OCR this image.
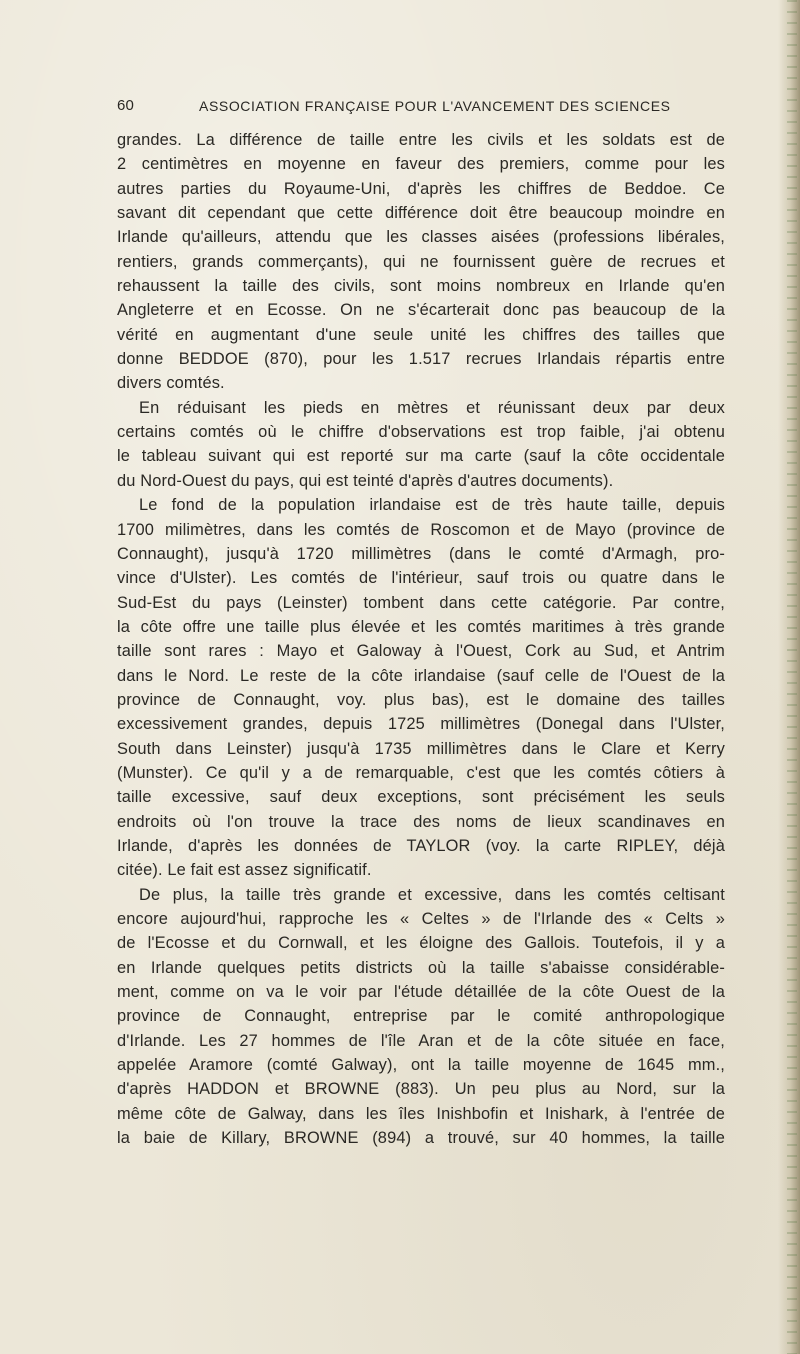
60	ASSOCIATION FRANÇAISE POUR L'AVANCEMENT DES SCIENCES
grandes. La différence de taille entre les civils et les soldats est de
2 centimètres en moyenne en faveur des premiers, comme pour les
autres parties du Royaume-Uni, d'après les chiffres de Beddoe. Ce
savant dit cependant que cette différence doit être beaucoup moindre en
Irlande qu'ailleurs, attendu que les classes aisées (professions libérales,
rentiers, grands commerçants), qui ne fournissent guère de recrues et
rehaussent la taille des civils, sont moins nombreux en Irlande qu'en
Angleterre et en Ecosse. On ne s'écarterait donc pas beaucoup de la
vérité en augmentant d'une seule unité les chiffres des tailles que
donne BEDDOE (870), pour les 1.517 recrues Irlandais répartis entre
divers comtés.
En réduisant les pieds en mètres et réunissant deux par deux
certains comtés où le chiffre d'observations est trop faible, j'ai obtenu
le tableau suivant qui est reporté sur ma carte (sauf la côte occidentale
du Nord-Ouest du pays, qui est teinté d'après d'autres documents).
Le fond de la population irlandaise est de très haute taille, depuis
1700 milimètres, dans les comtés de Roscomon et de Mayo (province de
Connaught), jusqu'à 1720 millimètres (dans le comté d'Armagh, pro-
vince d'Ulster). Les comtés de l'intérieur, sauf trois ou quatre dans le
Sud-Est du pays (Leinster) tombent dans cette catégorie. Par contre,
la côte offre une taille plus élevée et les comtés maritimes à très grande
taille sont rares : Mayo et Galoway à l'Ouest, Cork au Sud, et Antrim
dans le Nord. Le reste de la côte irlandaise (sauf celle de l'Ouest de la
province de Connaught, voy. plus bas), est le domaine des tailles
excessivement grandes, depuis 1725 millimètres (Donegal dans l'Ulster,
South dans Leinster) jusqu'à 1735 millimètres dans le Clare et Kerry
(Munster). Ce qu'il y a de remarquable, c'est que les comtés côtiers à
taille excessive, sauf deux exceptions, sont précisément les seuls
endroits où l'on trouve la trace des noms de lieux scandinaves en
Irlande, d'après les données de TAYLOR (voy. la carte RIPLEY, déjà
citée). Le fait est assez significatif.
De plus, la taille très grande et excessive, dans les comtés celtisant
encore aujourd'hui, rapproche les « Celtes » de l'Irlande des « Celts »
de l'Ecosse et du Cornwall, et les éloigne des Gallois. Toutefois, il y a
en Irlande quelques petits districts où la taille s'abaisse considérable-
ment, comme on va le voir par l'étude détaillée de la côte Ouest de la
province de Connaught, entreprise par le comité anthropologique
d'Irlande. Les 27 hommes de l'île Aran et de la côte située en face,
appelée Aramore (comté Galway), ont la taille moyenne de 1645 mm.,
d'après HADDON et BROWNE (883). Un peu plus au Nord, sur la
même côte de Galway, dans les îles Inishbofin et Inishark, à l'entrée de
la baie de Killary, BROWNE (894) a trouvé, sur 40 hommes, la taille
